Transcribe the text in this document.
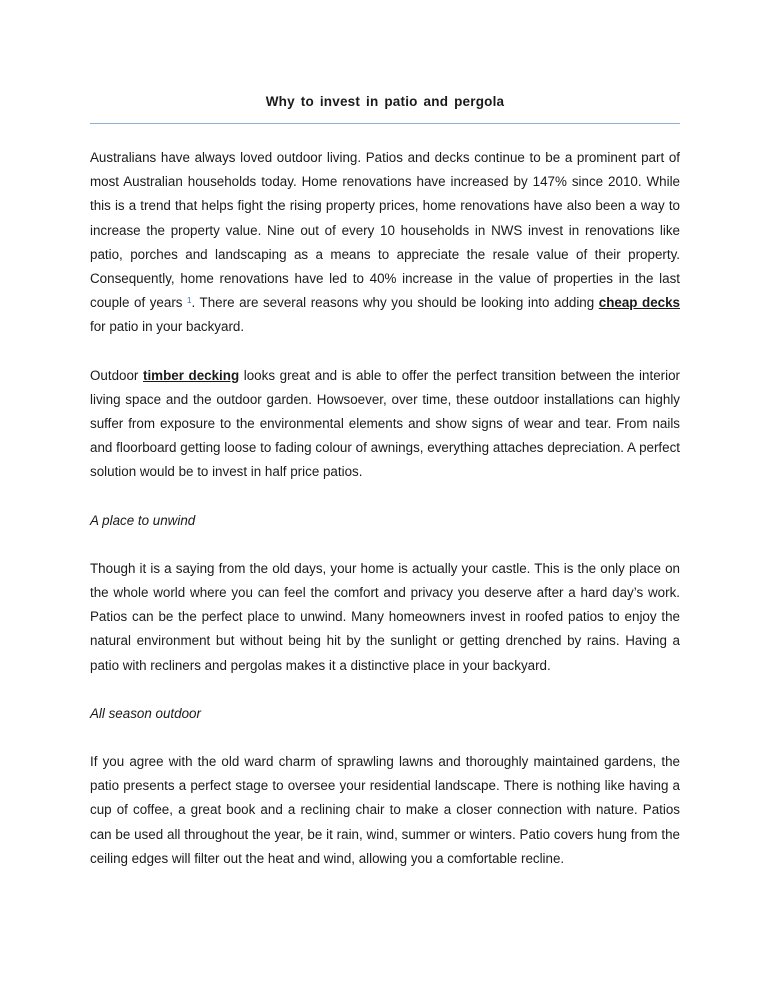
Why to invest in patio and pergola

Australians have always loved outdoor living. Patios and decks continue to be a prominent part of most Australian households today. Home renovations have increased by 147% since 2010. While this is a trend that helps fight the rising property prices, home renovations have also been a way to increase the property value. Nine out of every 10 households in NWS invest in renovations like patio, porches and landscaping as a means to appreciate the resale value of their property. Consequently, home renovations have led to 40% increase in the value of properties in the last couple of years $^1$. There are several reasons why you should be looking into adding cheap decks for patio in your backyard.

Outdoor timber decking looks great and is able to offer the perfect transition between the interior living space and the outdoor garden. Howsoever, over time, these outdoor installations can highly suffer from exposure to the environmental elements and show signs of wear and tear. From nails and floorboard getting loose to fading colour of awnings, everything attaches depreciation. A perfect solution would be to invest in half price patios.

A place to unwind

Though it is a saying from the old days, your home is actually your castle. This is the only place on the whole world where you can feel the comfort and privacy you deserve after a hard day’s work. Patios can be the perfect place to unwind. Many homeowners invest in roofed patios to enjoy the natural environment but without being hit by the sunlight or getting drenched by rains. Having a patio with recliners and pergolas makes it a distinctive place in your backyard.

All season outdoor

If you agree with the old ward charm of sprawling lawns and thoroughly maintained gardens, the patio presents a perfect stage to oversee your residential landscape. There is nothing like having a cup of coffee, a great book and a reclining chair to make a closer connection with nature. Patios can be used all throughout the year, be it rain, wind, summer or winters. Patio covers hung from the ceiling edges will filter out the heat and wind, allowing you a comfortable recline.
